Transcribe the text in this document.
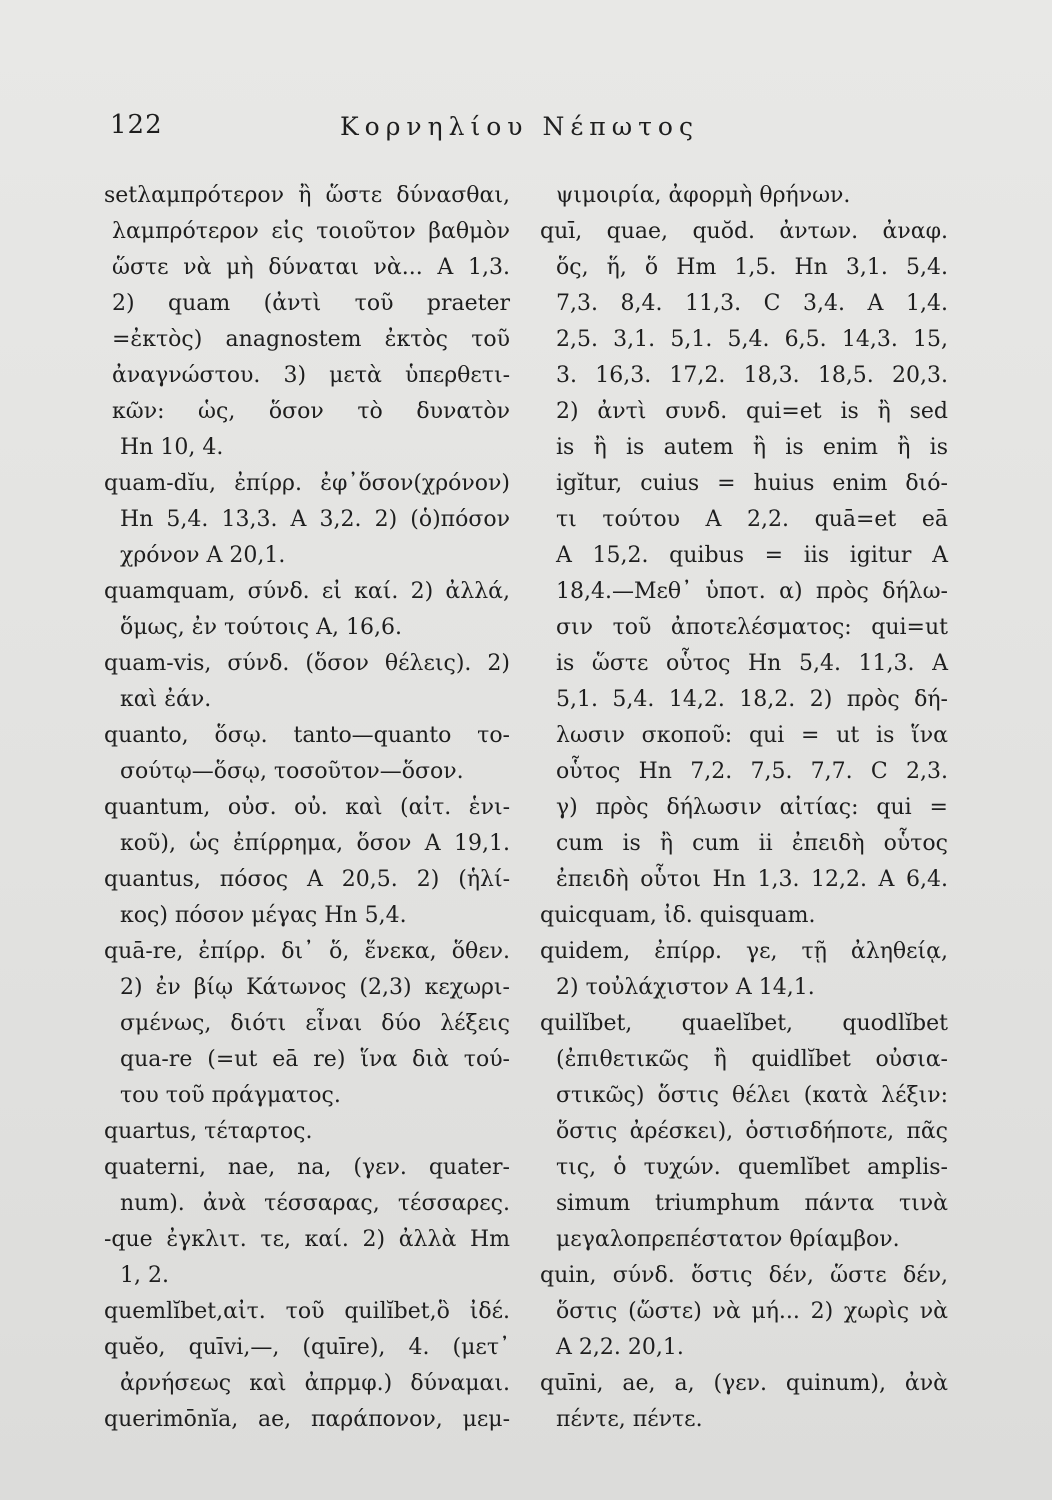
122	Κορνηλίου Νέπωτος
setλαμπρότερον ἢ ὥστε δύνασθαι,
λαμπρότερον εἰς τοιοῦτον βαθμὸν
ὥστε νὰ μὴ δύναται νὰ... A 1,3.
2) quam (ἀντὶ τοῦ praeter
=ἐκτὸς) anagnostem ἐκτὸς τοῦ
ἀναγνώστου. 3) μετὰ ὑπερθετι-
κῶν: ὡς, ὅσον τὸ δυνατὸν
Hn 10, 4.
quam-dĭu, ἐπίρρ. ἐφ᾿ὅσον(χρόνον)
Hn 5,4. 13,3. A 3,2. 2) (ὁ)πόσον
χρόνον A 20,1.
quamquam, σύνδ. εἰ καί. 2) ἀλλά,
ὅμως, ἐν τούτοις A, 16,6.
quam-vis, σύνδ. (ὅσον θέλεις). 2)
καὶ ἐάν.
quanto, ὅσῳ. tanto—quanto το-
σούτῳ—ὅσῳ, τοσοῦτον—ὅσον.
quantum, οὐσ. οὐ. καὶ (αἰτ. ἑνι-
κοῦ), ὡς ἐπίρρημα, ὅσον A 19,1.
quantus, πόσος A 20,5. 2) (ἡλί-
κος) πόσον μέγας Hn 5,4.
quā-re, ἐπίρρ. δι᾿ ὅ, ἕνεκα, ὅθεν.
2) ἐν βίῳ Κάτωνος (2,3) κεχωρι-
σμένως, διότι εἶναι δύο λέξεις
qua-re (=ut eā re) ἵνα διὰ τού-
του τοῦ πράγματος.
quartus, τέταρτος.
quaterni, nae, na, (γεν. quater-
num). ἀνὰ τέσσαρας, τέσσαρες.
-que ἐγκλιτ. τε, καί. 2) ἀλλὰ Hm
1, 2.
quemlĭbet,αἰτ. τοῦ quilĭbet,ὃ ἰδέ.
quĕo, quīvi,—, (quīre), 4. (μετ᾿
ἀρνήσεως καὶ ἀπρμφ.) δύναμαι.
querimōnĭa, ae, παράπονον, μεμ-
ψιμοιρία, ἀφορμὴ θρήνων.
quī, quae, quŏd. ἀντων. ἀναφ.
ὅς, ἥ, ὅ Hm 1,5. Hn 3,1. 5,4.
7,3. 8,4. 11,3. C 3,4. A 1,4.
2,5. 3,1. 5,1. 5,4. 6,5. 14,3. 15,
3. 16,3. 17,2. 18,3. 18,5. 20,3.
2) ἀντὶ συνδ. qui=et is ἢ sed
is ἢ is autem ἢ is enim ἢ is
igĭtur, cuius = huius enim διό-
τι τούτου A 2,2. quā=et eā
A 15,2. quibus = iis igitur A
18,4.—Μεθ᾿ ὑποτ. α) πρὸς δήλω-
σιν τοῦ ἀποτελέσματος: qui=ut
is ὥστε οὗτος Hn 5,4. 11,3. A
5,1. 5,4. 14,2. 18,2. 2) πρὸς δή-
λωσιν σκοποῦ: qui = ut is ἵνα
οὗτος Hn 7,2. 7,5. 7,7. C 2,3.
γ) πρὸς δήλωσιν αἰτίας: qui =
cum is ἢ cum ii ἐπειδὴ οὗτος
ἐπειδὴ οὗτοι Hn 1,3. 12,2. A 6,4.
quicquam, ἰδ. quisquam.
quidem, ἐπίρρ. γε, τῇ ἀληθείᾳ,
2) τοὐλάχιστον A 14,1.
quilĭbet, quaelĭbet, quodlĭbet
(ἐπιθετικῶς ἢ quidlĭbet οὐσια-
στικῶς) ὅστις θέλει (κατὰ λέξιν:
ὅστις ἀρέσκει), ὁστισδήποτε, πᾶς
τις, ὁ τυχών. quemlĭbet amplis-
simum triumphum πάντα τινὰ
μεγαλοπρεπέστατον θρίαμβον.
quin, σύνδ. ὅστις δέν, ὥστε δέν,
ὅστις (ὥστε) νὰ μή... 2) χωρὶς νὰ
A 2,2. 20,1.
quīni, ae, a, (γεν. quinum), ἀνὰ
πέντε, πέντε.
